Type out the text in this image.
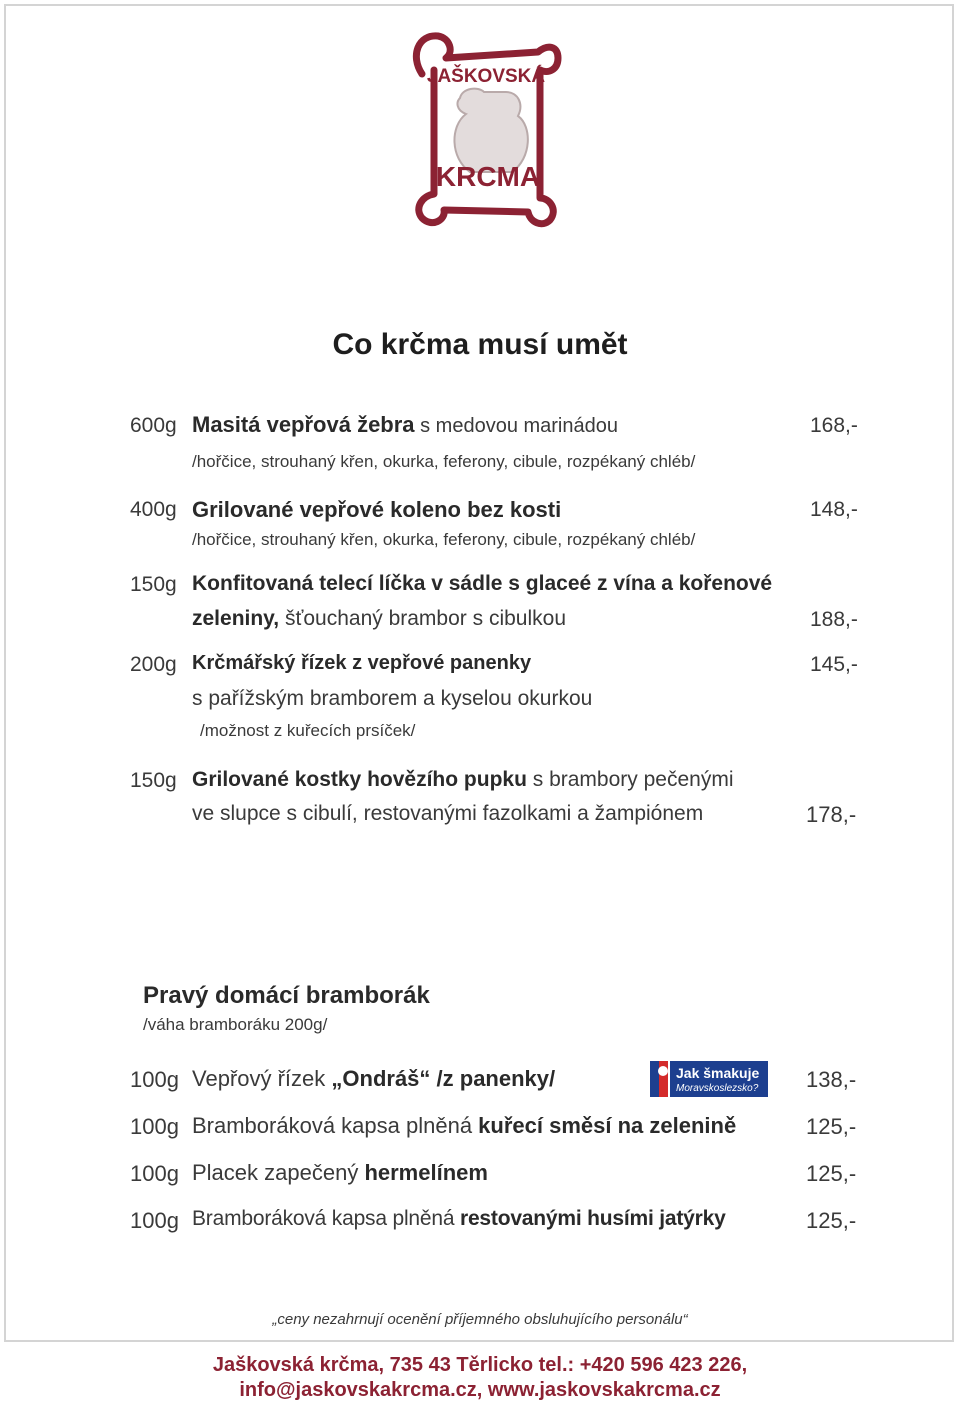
JAŠKOVSKÁ
KRCMA
Co krčma musí umět
600g Masitá vepřová žebra s medovou marinádou	168,-
/hořčice, strouhaný křen, okurka, feferony, cibule, rozpékaný chléb/
400g Grilované vepřové koleno bez kosti	148,-
/hořčice, strouhaný křen, okurka, feferony, cibule, rozpékaný chléb/
150g Konfitovaná telecí líčka v sádle s glaceé z vína a kořenové
zeleniny, šťouchaný brambor s cibulkou	188,-
200g Krčmářský řízek z vepřové panenky	145,-
s pařížským bramborem a kyselou okurkou
/možnost z kuřecích prsíček/
150g Grilované kostky hovězího pupku s brambory pečenými
ve slupce s cibulí, restovanými fazolkami a žampiónem	178,-
Pravý domácí bramborák
/váha bramboráku 200g/
Jak šmakuje
Moravskoslezsko?
100g Vepřový řízek „Ondráš“ /z panenky/	138,-
100g Bramboráková kapsa plněná kuřecí směsí na zelenině	125,-
100g Placek zapečený hermelínem	125,-
100g Bramboráková kapsa plněná restovanými husími jatýrky	125,-
„ceny nezahrnují ocenění příjemného obsluhujícího personálu“
Jaškovská krčma, 735 43 Těrlicko tel.: +420 596 423 226,
info@jaskovskakrcma.cz, www.jaskovskakrcma.cz
